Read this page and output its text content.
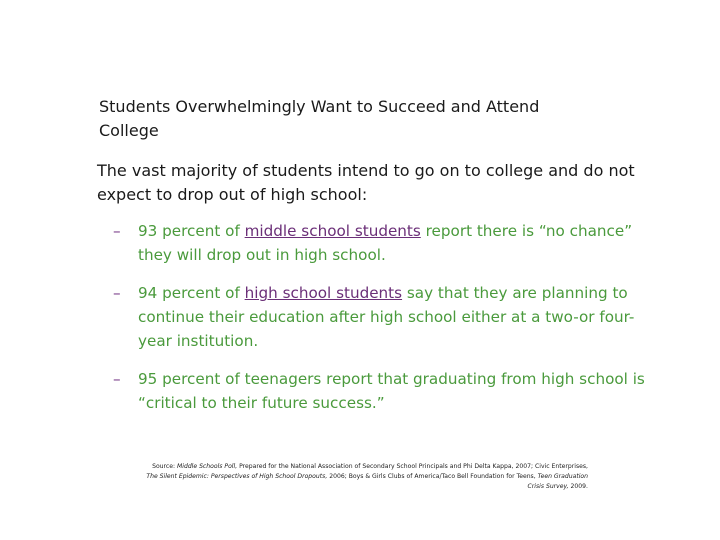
Students Overwhelmingly Want to Succeed and Attend College
The vast majority of students intend to go on to college and do not expect to drop out of high school:
– 93 percent of middle school students report there is “no chance” they will drop out in high school.
– 94 percent of high school students say that they are planning to continue their education after high school either at a two-or four-year institution.
– 95 percent of teenagers report that graduating from high school is “critical to their future success.”
Source: Middle Schools Poll, Prepared for the National Association of Secondary School Principals and Phi Delta Kappa, 2007; Civic Enterprises,
The Silent Epidemic: Perspectives of High School Dropouts, 2006; Boys & Girls Clubs of America/Taco Bell Foundation for Teens, Teen Graduation
Crisis Survey, 2009.
